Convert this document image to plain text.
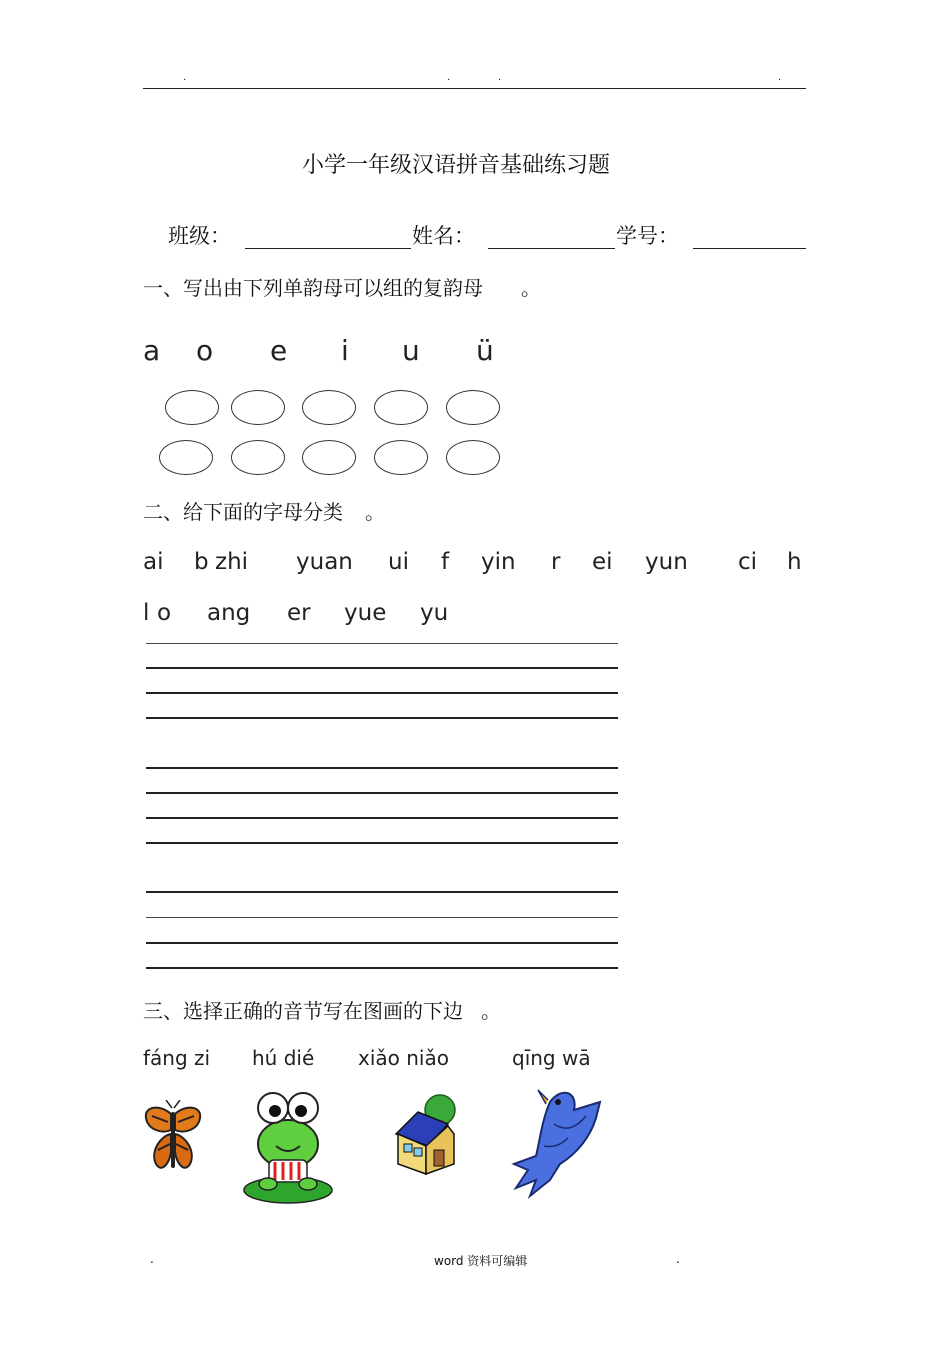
.	.	.	.
小学一年级汉语拼音基础练习题
班级：	姓名：	学号：
一、写出由下列单韵母可以组的复韵母 。
a o e i u ü
二、给下面的字母分类 。
ai b zhi yuan ui f yin r ei yun ci h
l o ang er yue yu
三、选择正确的音节写在图画的下边 。
fáng zi hú dié xiǎo niǎo	qīng wā
.	word 资料可编辑	.
